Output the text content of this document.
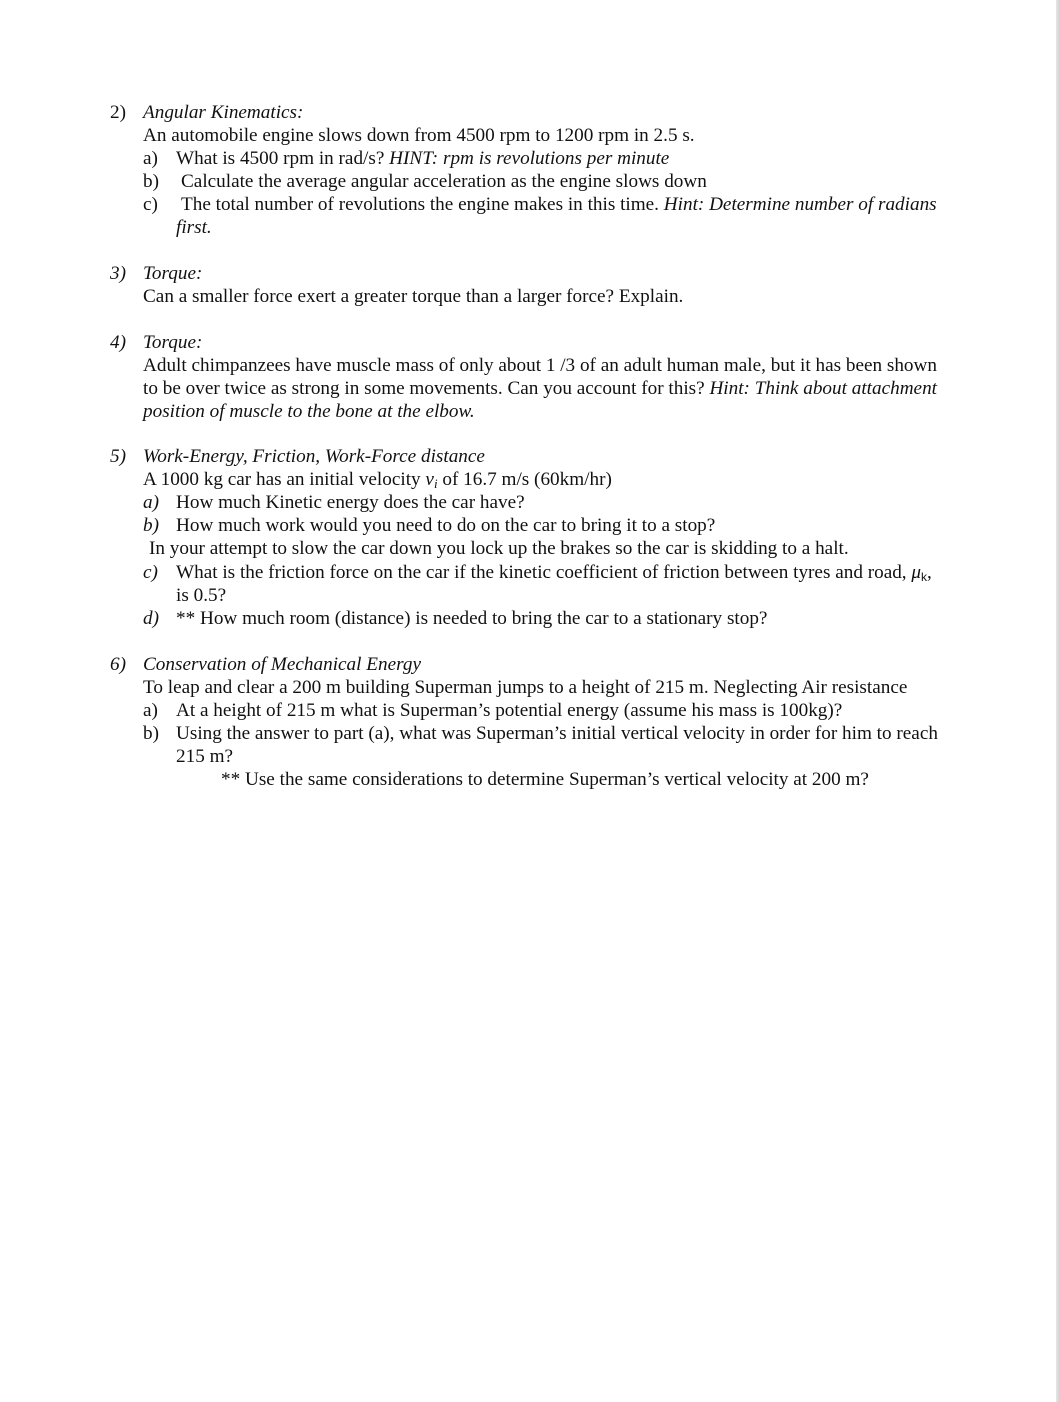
2) Angular Kinematics:
An automobile engine slows down from 4500 rpm to 1200 rpm in 2.5 s.
a) What is 4500 rpm in rad/s? HINT: rpm is revolutions per minute
b) Calculate the average angular acceleration as the engine slows down
c) The total number of revolutions the engine makes in this time. Hint: Determine number of radians
first.
3) Torque:
Can a smaller force exert a greater torque than a larger force? Explain.
4) Torque:
Adult chimpanzees have muscle mass of only about 1 /3 of an adult human male, but it has been shown
to be over twice as strong in some movements. Can you account for this? Hint: Think about attachment
position of muscle to the bone at the elbow.
5) Work-Energy, Friction, Work-Force distance
A 1000 kg car has an initial velocity $v_i$ of 16.7 m/s (60km/hr)
a) How much Kinetic energy does the car have?
b) How much work would you need to do on the car to bring it to a stop?
In your attempt to slow the car down you lock up the brakes so the car is skidding to a halt.
c) What is the friction force on the car if the kinetic coefficient of friction between tyres and road, μk,
is 0.5?
d) ** How much room (distance) is needed to bring the car to a stationary stop?
6) Conservation of Mechanical Energy
To leap and clear a 200 m building Superman jumps to a height of 215 m. Neglecting Air resistance
a) At a height of 215 m what is Superman’s potential energy (assume his mass is 100kg)?
b) Using the answer to part (a), what was Superman’s initial vertical velocity in order for him to reach
215 m?
** Use the same considerations to determine Superman’s vertical velocity at 200 m?
